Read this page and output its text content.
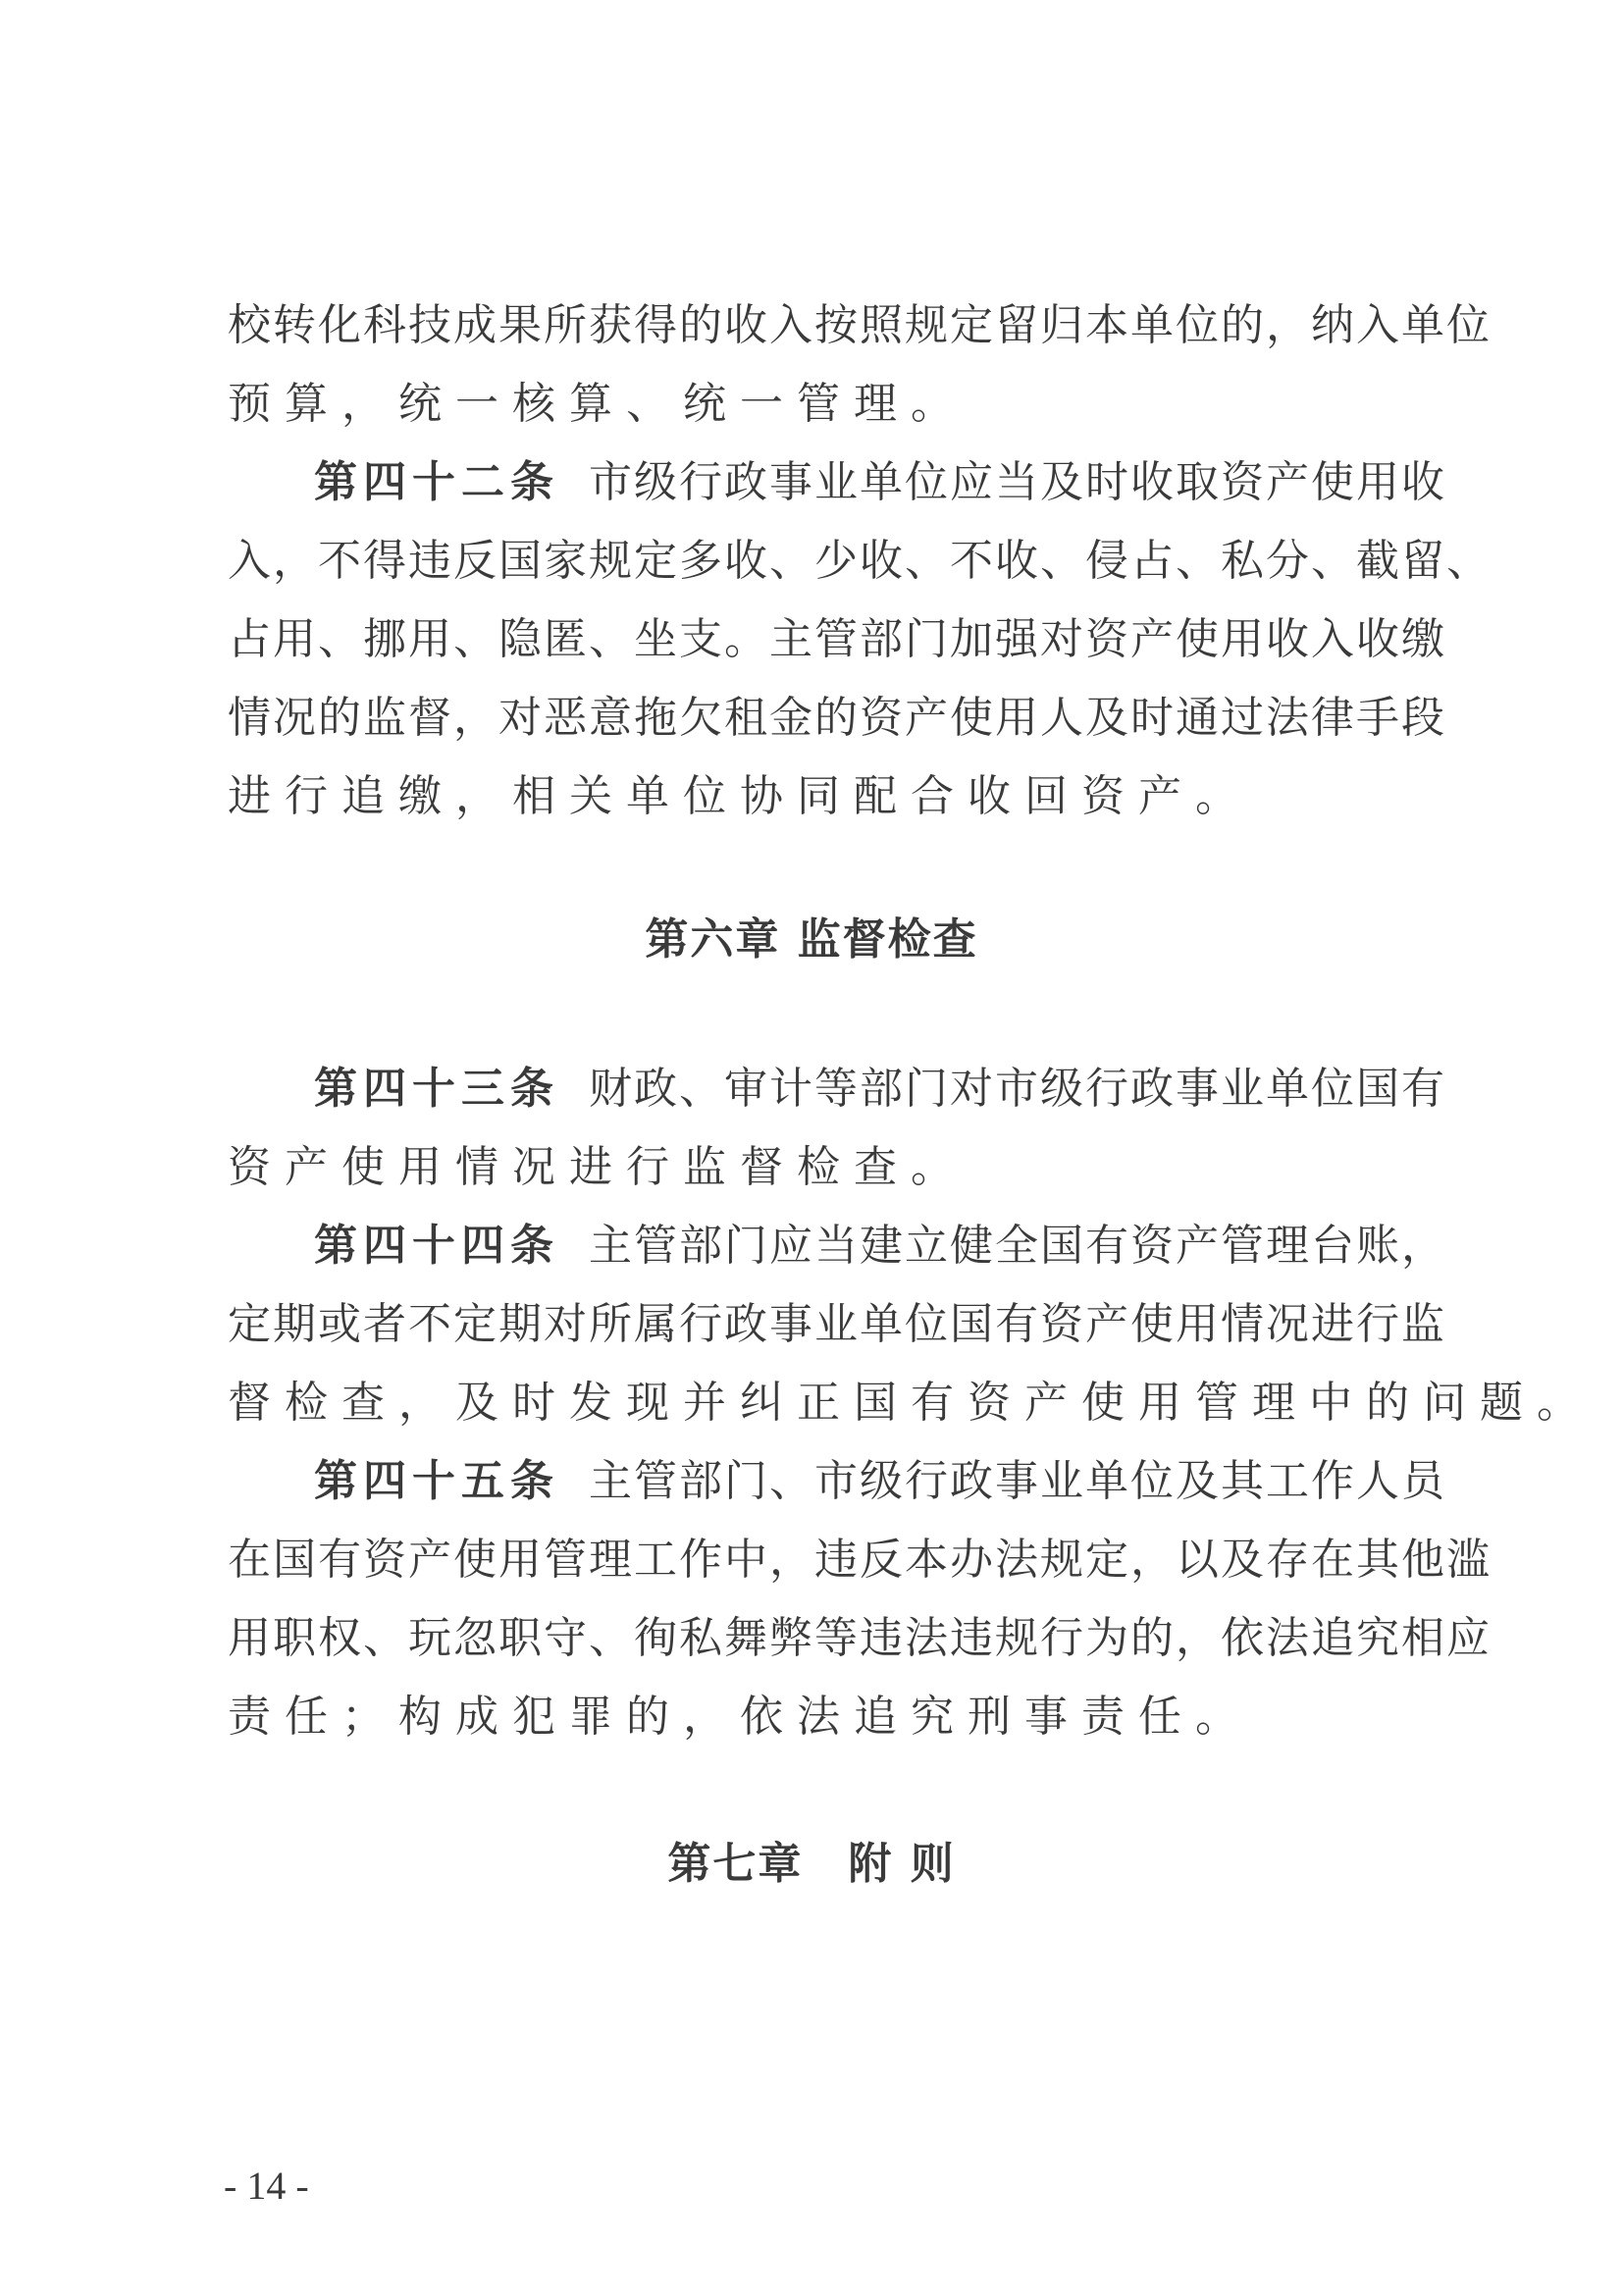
校转化科技成果所获得的收入按照规定留归本单位的，纳入单位
预算，统一核算、统一管理。
第四十二条 市级行政事业单位应当及时收取资产使用收
入，不得违反国家规定多收、少收、不收、侵占、私分、截留、
占用、挪用、隐匿、坐支。主管部门加强对资产使用收入收缴
情况的监督，对恶意拖欠租金的资产使用人及时通过法律手段
进行追缴，相关单位协同配合收回资产。
第六章 监督检查
第四十三条 财政、审计等部门对市级行政事业单位国有
资产使用情况进行监督检查。
第四十四条 主管部门应当建立健全国有资产管理台账，
定期或者不定期对所属行政事业单位国有资产使用情况进行监
督检查，及时发现并纠正国有资产使用管理中的问题。
第四十五条 主管部门、市级行政事业单位及其工作人员
在国有资产使用管理工作中，违反本办法规定，以及存在其他滥
用职权、玩忽职守、徇私舞弊等违法违规行为的，依法追究相应
责任；构成犯罪的，依法追究刑事责任。
第七章　附 则
- 14 -
